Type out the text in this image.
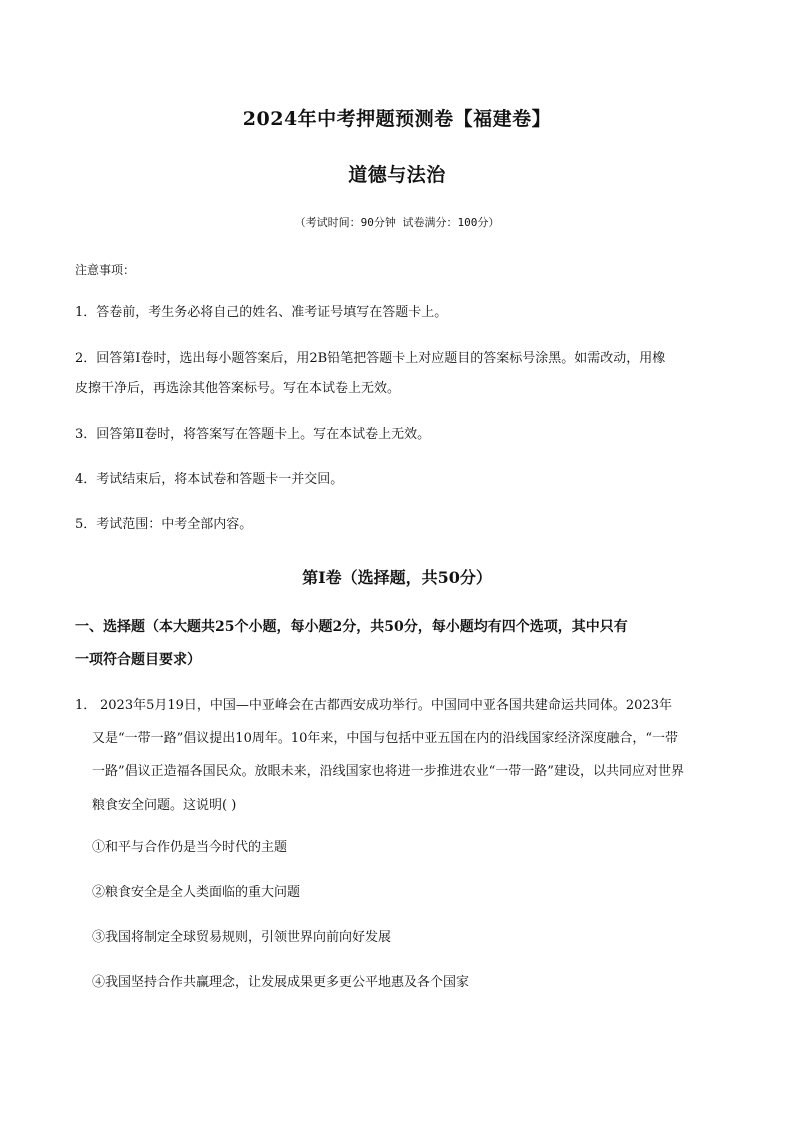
2024年中考押题预测卷【福建卷】
道德与法治
（考试时间：90分钟 试卷满分：100分）
注意事项：
1．答卷前，考生务必将自己的姓名、准考证号填写在答题卡上。
2．回答第Ⅰ卷时，选出每小题答案后，用2B铅笔把答题卡上对应题目的答案标号涂黑。如需改动，用橡
皮擦干净后，再选涂其他答案标号。写在本试卷上无效。
3．回答第Ⅱ卷时，将答案写在答题卡上。写在本试卷上无效。
4．考试结束后，将本试卷和答题卡一并交回。
5．考试范围：中考全部内容。
第Ⅰ卷（选择题，共50分）
一、选择题（本大题共25个小题，每小题2分，共50分，每小题均有四个选项，其中只有
一项符合题目要求）
1． 2023年5月19日，中国—中亚峰会在古都西安成功举行。中国同中亚各国共建命运共同体。2023年
又是“一带一路”倡议提出10周年。10年来，中国与包括中亚五国在内的沿线国家经济深度融合，“一带
一路”倡议正造福各国民众。放眼未来，沿线国家也将进一步推进农业“一带一路”建设，以共同应对世界
粮食安全问题。这说明( )
①和平与合作仍是当今时代的主题
②粮食安全是全人类面临的重大问题
③我国将制定全球贸易规则，引领世界向前向好发展
④我国坚持合作共赢理念，让发展成果更多更公平地惠及各个国家
